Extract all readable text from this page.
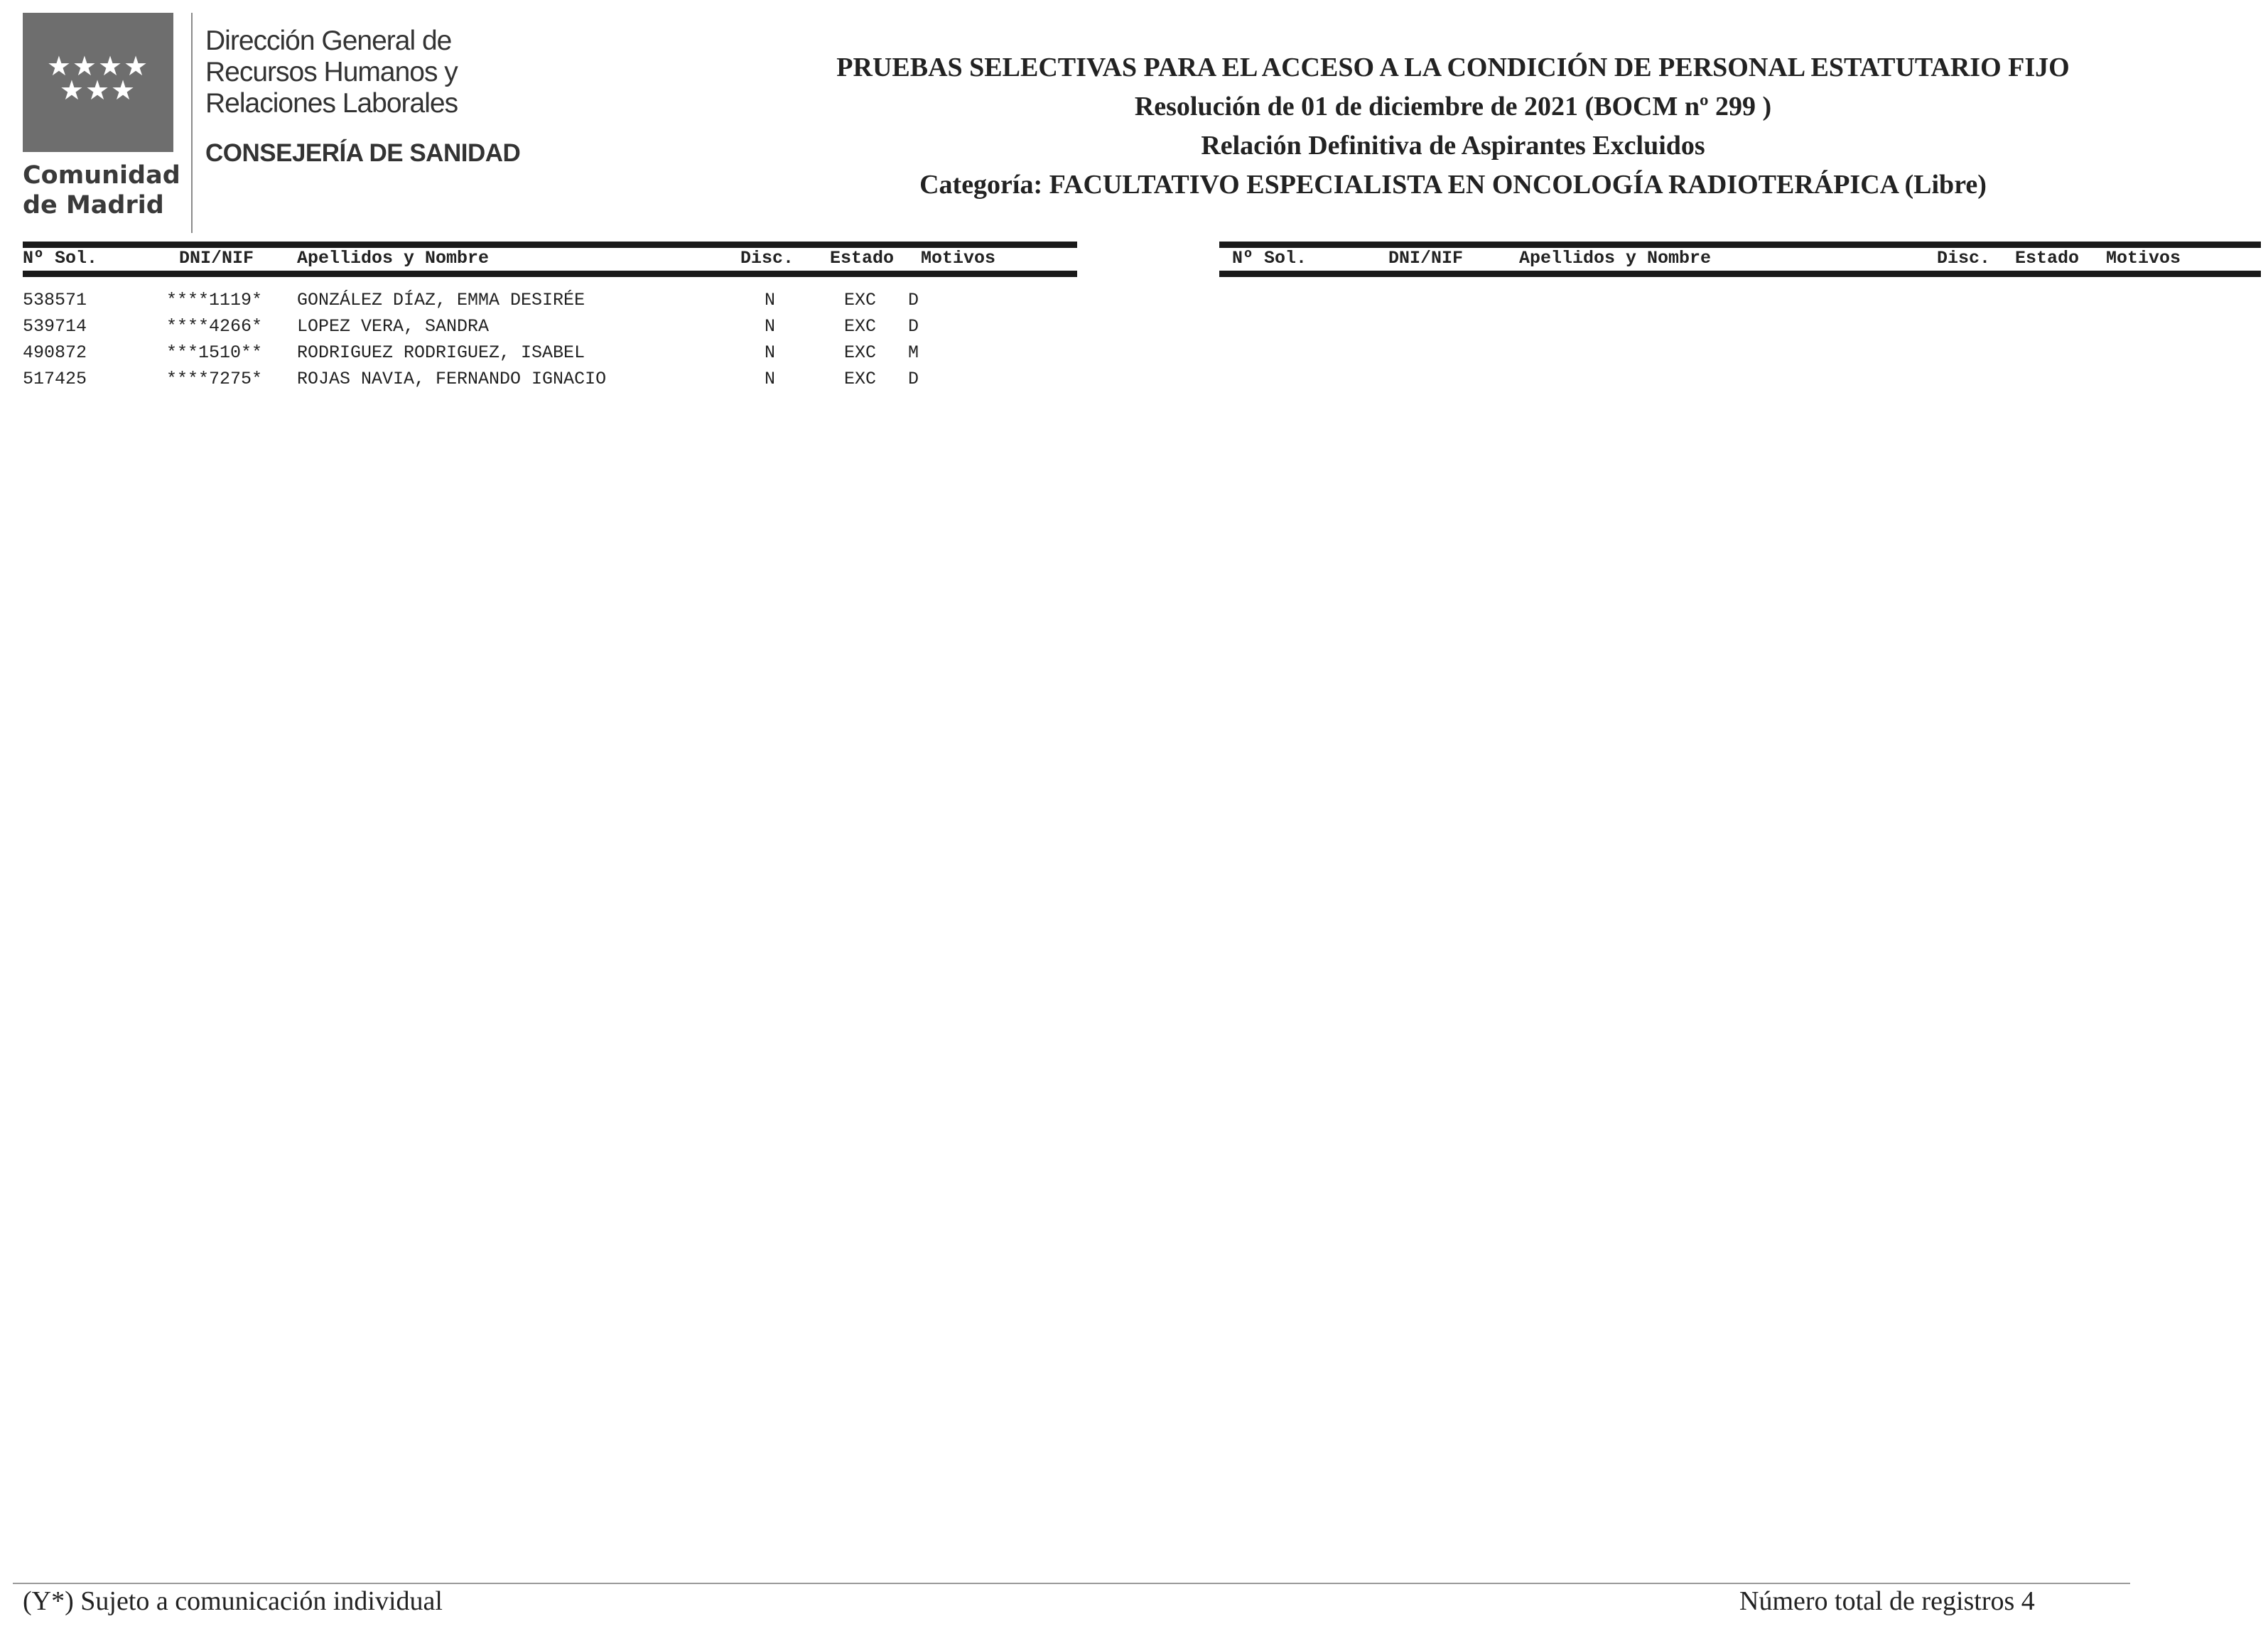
★★★★
★★★
Comunidad
de Madrid
Dirección General de
Recursos Humanos y
Relaciones Laborales
CONSEJERÍA DE SANIDAD
PRUEBAS SELECTIVAS PARA EL ACCESO A LA CONDICIÓN DE PERSONAL ESTATUTARIO FIJO
Resolución de 01 de diciembre de 2021 (BOCM nº 299 )
Relación Definitiva de Aspirantes Excluidos
Categoría: FACULTATIVO ESPECIALISTA EN ONCOLOGÍA RADIOTERÁPICA (Libre)
Nº Sol.	DNI/NIF Apellidos y Nombre	Disc. Estado Motivos
538571	****1119* GONZÁLEZ DÍAZ, EMMA DESIRÉE	N	EXC D
539714	****4266* LOPEZ VERA, SANDRA	N	EXC D
490872	***1510** RODRIGUEZ RODRIGUEZ, ISABEL	N	EXC M
517425	****7275* ROJAS NAVIA, FERNANDO IGNACIO	N	EXC D
Nº Sol.	DNI/NIF	Apellidos y Nombre	Disc. Estado Motivos
(Y*) Sujeto a comunicación individual	Número total de registros 4
